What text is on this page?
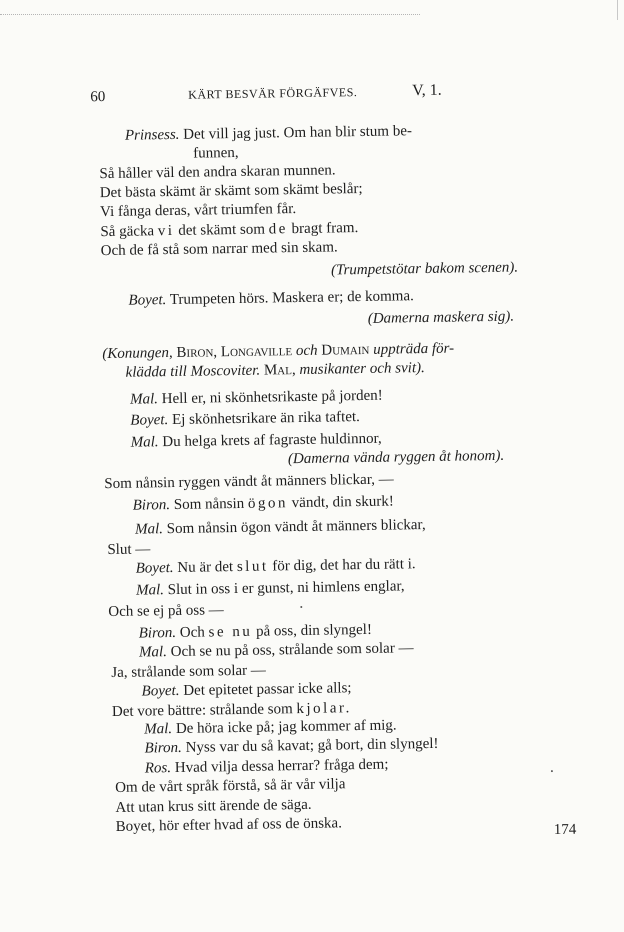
60	KÄRT BESVÄR FÖRGÄFVES.	V, 1.
Prinsess. Det vill jag just. Om han blir stum be-
funnen,
Så håller väl den andra skaran munnen.
Det bästa skämt är skämt som skämt beslår;
Vi fånga deras, vårt triumfen får.
Så gäcka vi det skämt som de bragt fram.
Och de få stå som narrar med sin skam.
(Trumpetstötar bakom scenen).
Boyet. Trumpeten hörs. Maskera er; de komma.
(Damerna maskera sig).
(Konungen, Biron, Longaville och Dumain uppträda för-
klädda till Moscoviter. Mal, musikanter och svit).
Mal. Hell er, ni skönhetsrikaste på jorden!
Boyet. Ej skönhetsrikare än rika taftet.
Mal. Du helga krets af fagraste huldinnor,
(Damerna vända ryggen åt honom).
Som nånsin ryggen vändt åt männers blickar, —
Biron. Som nånsin ögon vändt, din skurk!
Mal. Som nånsin ögon vändt åt männers blickar,
Slut —
Boyet. Nu är det slut för dig, det har du rätt i.
Mal. Slut in oss i er gunst, ni himlens englar,
Och se ej på oss —
Biron. Och se nu på oss, din slyngel!
Mal. Och se nu på oss, strålande som solar —
Ja, strålande som solar —
Boyet. Det epitetet passar icke alls;
Det vore bättre: strålande som kjolar.
Mal. De höra icke på; jag kommer af mig.
Biron. Nyss var du så kavat; gå bort, din slyngel!
Ros. Hvad vilja dessa herrar? fråga dem;
Om de vårt språk förstå, så är vår vilja
Att utan krus sitt ärende de säga.
Boyet, hör efter hvad af oss de önska.	174
